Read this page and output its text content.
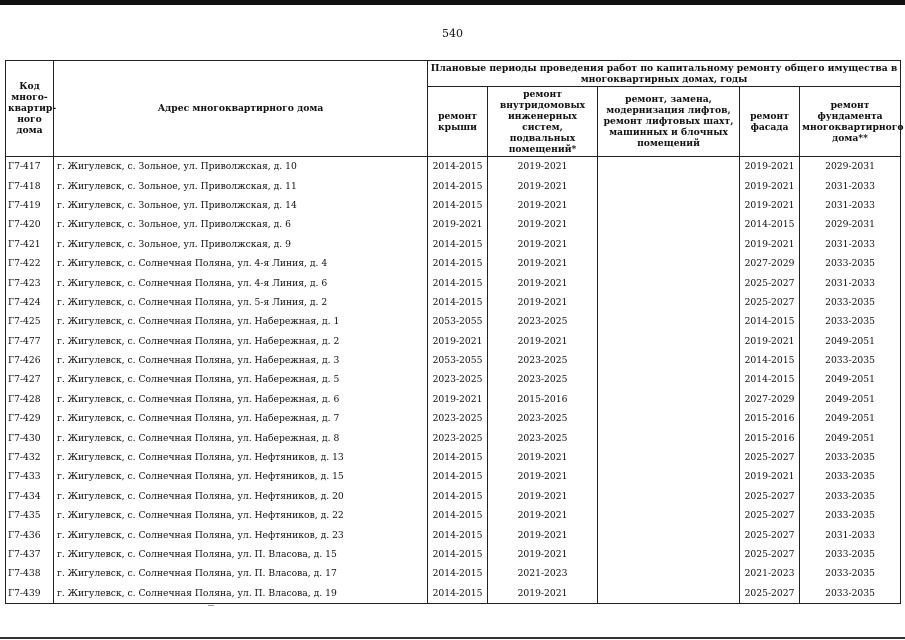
540
Код много-квартир-ного дома	Адрес многоквартирного дома	Плановые периоды проведения работ по капитальному ремонту общего имущества в многоквартирных домах, годы				
		ремонт крыши	ремонт внутридомовых инженерных систем, подвальных помещений*	ремонт, замена, модернизация лифтов, ремонт лифтовых шахт, машинных и блочных помещений	ремонт фасада	ремонт фундамента многоквартирного дома**
Г7-417	г. Жигулевск, с. Зольное, ул. Приволжская, д. 10	2014-2015	2019-2021		2019-2021	2029-2031
Г7-418	г. Жигулевск, с. Зольное, ул. Приволжская, д. 11	2014-2015	2019-2021		2019-2021	2031-2033
Г7-419	г. Жигулевск, с. Зольное, ул. Приволжская, д. 14	2014-2015	2019-2021		2019-2021	2031-2033
Г7-420	г. Жигулевск, с. Зольное, ул. Приволжская, д. 6	2019-2021	2019-2021		2014-2015	2029-2031
Г7-421	г. Жигулевск, с. Зольное, ул. Приволжская, д. 9	2014-2015	2019-2021		2019-2021	2031-2033
Г7-422	г. Жигулевск, с. Солнечная Поляна, ул. 4-я Линия, д. 4	2014-2015	2019-2021		2027-2029	2033-2035
Г7-423	г. Жигулевск, с. Солнечная Поляна, ул. 4-я Линия, д. 6	2014-2015	2019-2021		2025-2027	2031-2033
Г7-424	г. Жигулевск, с. Солнечная Поляна, ул. 5-я Линия, д. 2	2014-2015	2019-2021		2025-2027	2033-2035
Г7-425	г. Жигулевск, с. Солнечная Поляна, ул. Набережная, д. 1	2053-2055	2023-2025		2014-2015	2033-2035
Г7-477	г. Жигулевск, с. Солнечная Поляна, ул. Набережная, д. 2	2019-2021	2019-2021		2019-2021	2049-2051
Г7-426	г. Жигулевск, с. Солнечная Поляна, ул. Набережная, д. 3	2053-2055	2023-2025		2014-2015	2033-2035
Г7-427	г. Жигулевск, с. Солнечная Поляна, ул. Набережная, д. 5	2023-2025	2023-2025		2014-2015	2049-2051
Г7-428	г. Жигулевск, с. Солнечная Поляна, ул. Набережная, д. 6	2019-2021	2015-2016		2027-2029	2049-2051
Г7-429	г. Жигулевск, с. Солнечная Поляна, ул. Набережная, д. 7	2023-2025	2023-2025		2015-2016	2049-2051
Г7-430	г. Жигулевск, с. Солнечная Поляна, ул. Набережная, д. 8	2023-2025	2023-2025		2015-2016	2049-2051
Г7-432	г. Жигулевск, с. Солнечная Поляна, ул. Нефтяников, д. 13	2014-2015	2019-2021		2025-2027	2033-2035
Г7-433	г. Жигулевск, с. Солнечная Поляна, ул. Нефтяников, д. 15	2014-2015	2019-2021		2019-2021	2033-2035
Г7-434	г. Жигулевск, с. Солнечная Поляна, ул. Нефтяников, д. 20	2014-2015	2019-2021		2025-2027	2033-2035
Г7-435	г. Жигулевск, с. Солнечная Поляна, ул. Нефтяников, д. 22	2014-2015	2019-2021		2025-2027	2033-2035
Г7-436	г. Жигулевск, с. Солнечная Поляна, ул. Нефтяников, д. 23	2014-2015	2019-2021		2025-2027	2031-2033
Г7-437	г. Жигулевск, с. Солнечная Поляна, ул. П. Власова, д. 15	2014-2015	2019-2021		2025-2027	2033-2035
Г7-438	г. Жигулевск, с. Солнечная Поляна, ул. П. Власова, д. 17	2014-2015	2021-2023		2021-2023	2033-2035
Г7-439	г. Жигулевск, с. Солнечная Поляна, ул. П. Власова, д. 19	2014-2015	2019-2021		2025-2027	2033-2035
